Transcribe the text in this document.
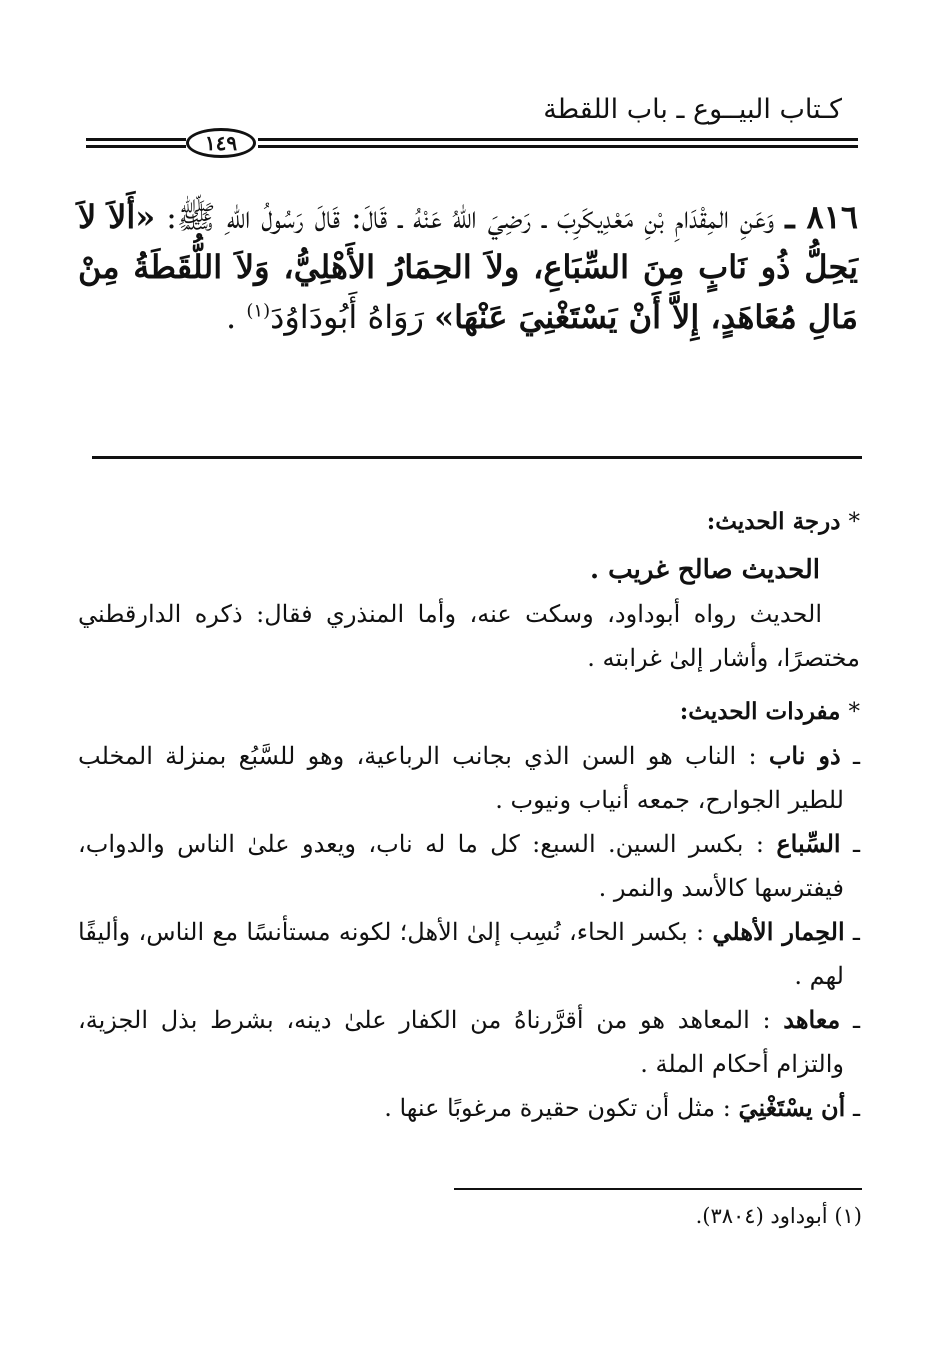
كـتاب البيــوع ـ باب اللقطة
١٤٩
٨١٦ ـ وَعَنِ المِقْدَامِ بْنِ مَعْدِيكَرِبَ ـ رَضِيَ اللهُ عَنْهُ ـ قَالَ: قَالَ رَسُولُ اللهِ ﷺ: «أَلاَ لاَ يَحِلُّ ذُو نَابٍ مِنَ السِّبَاعِ، ولاَ الحِمَارُ الأَهْلِيُّ، وَلاَ اللُّقَطَةُ مِنْ مَالِ مُعَاهَدٍ، إِلاَّ أَنْ يَسْتَغْنِيَ عَنْهَا» رَوَاهُ أَبُودَاوُدَ$^{(١)}$ .

* درجة الحديث:

الحديث صالح غريب .

الحديث رواه أبوداود، وسكت عنه، وأما المنذري فقال: ذكره الدارقطني مختصرًا، وأشار إلىٰ غرابته .

* مفردات الحديث:

ـ ذو ناب : الناب هو السن الذي بجانب الرباعية، وهو للسَّبُع بمنزلة المخلب للطير الجوارح، جمعه أنياب ونيوب .
ـ السِّباع : بكسر السين. السبع: كل ما له ناب، ويعدو علىٰ الناس والدواب، فيفترسها كالأسد والنمر .
ـ الحِمار الأهلي : بكسر الحاء، نُسِب إلىٰ الأهل؛ لكونه مستأنسًا مع الناس، وأليفًا لهم .
ـ معاهد : المعاهد هو من أقرَّرناهُ من الكفار علىٰ دينه، بشرط بذل الجزية، والتزام أحكام الملة .
ـ أن يسْتَغْنِيَ : مثل أن تكون حقيرة مرغوبًا عنها .
(١) أبوداود (٣٨٠٤).
